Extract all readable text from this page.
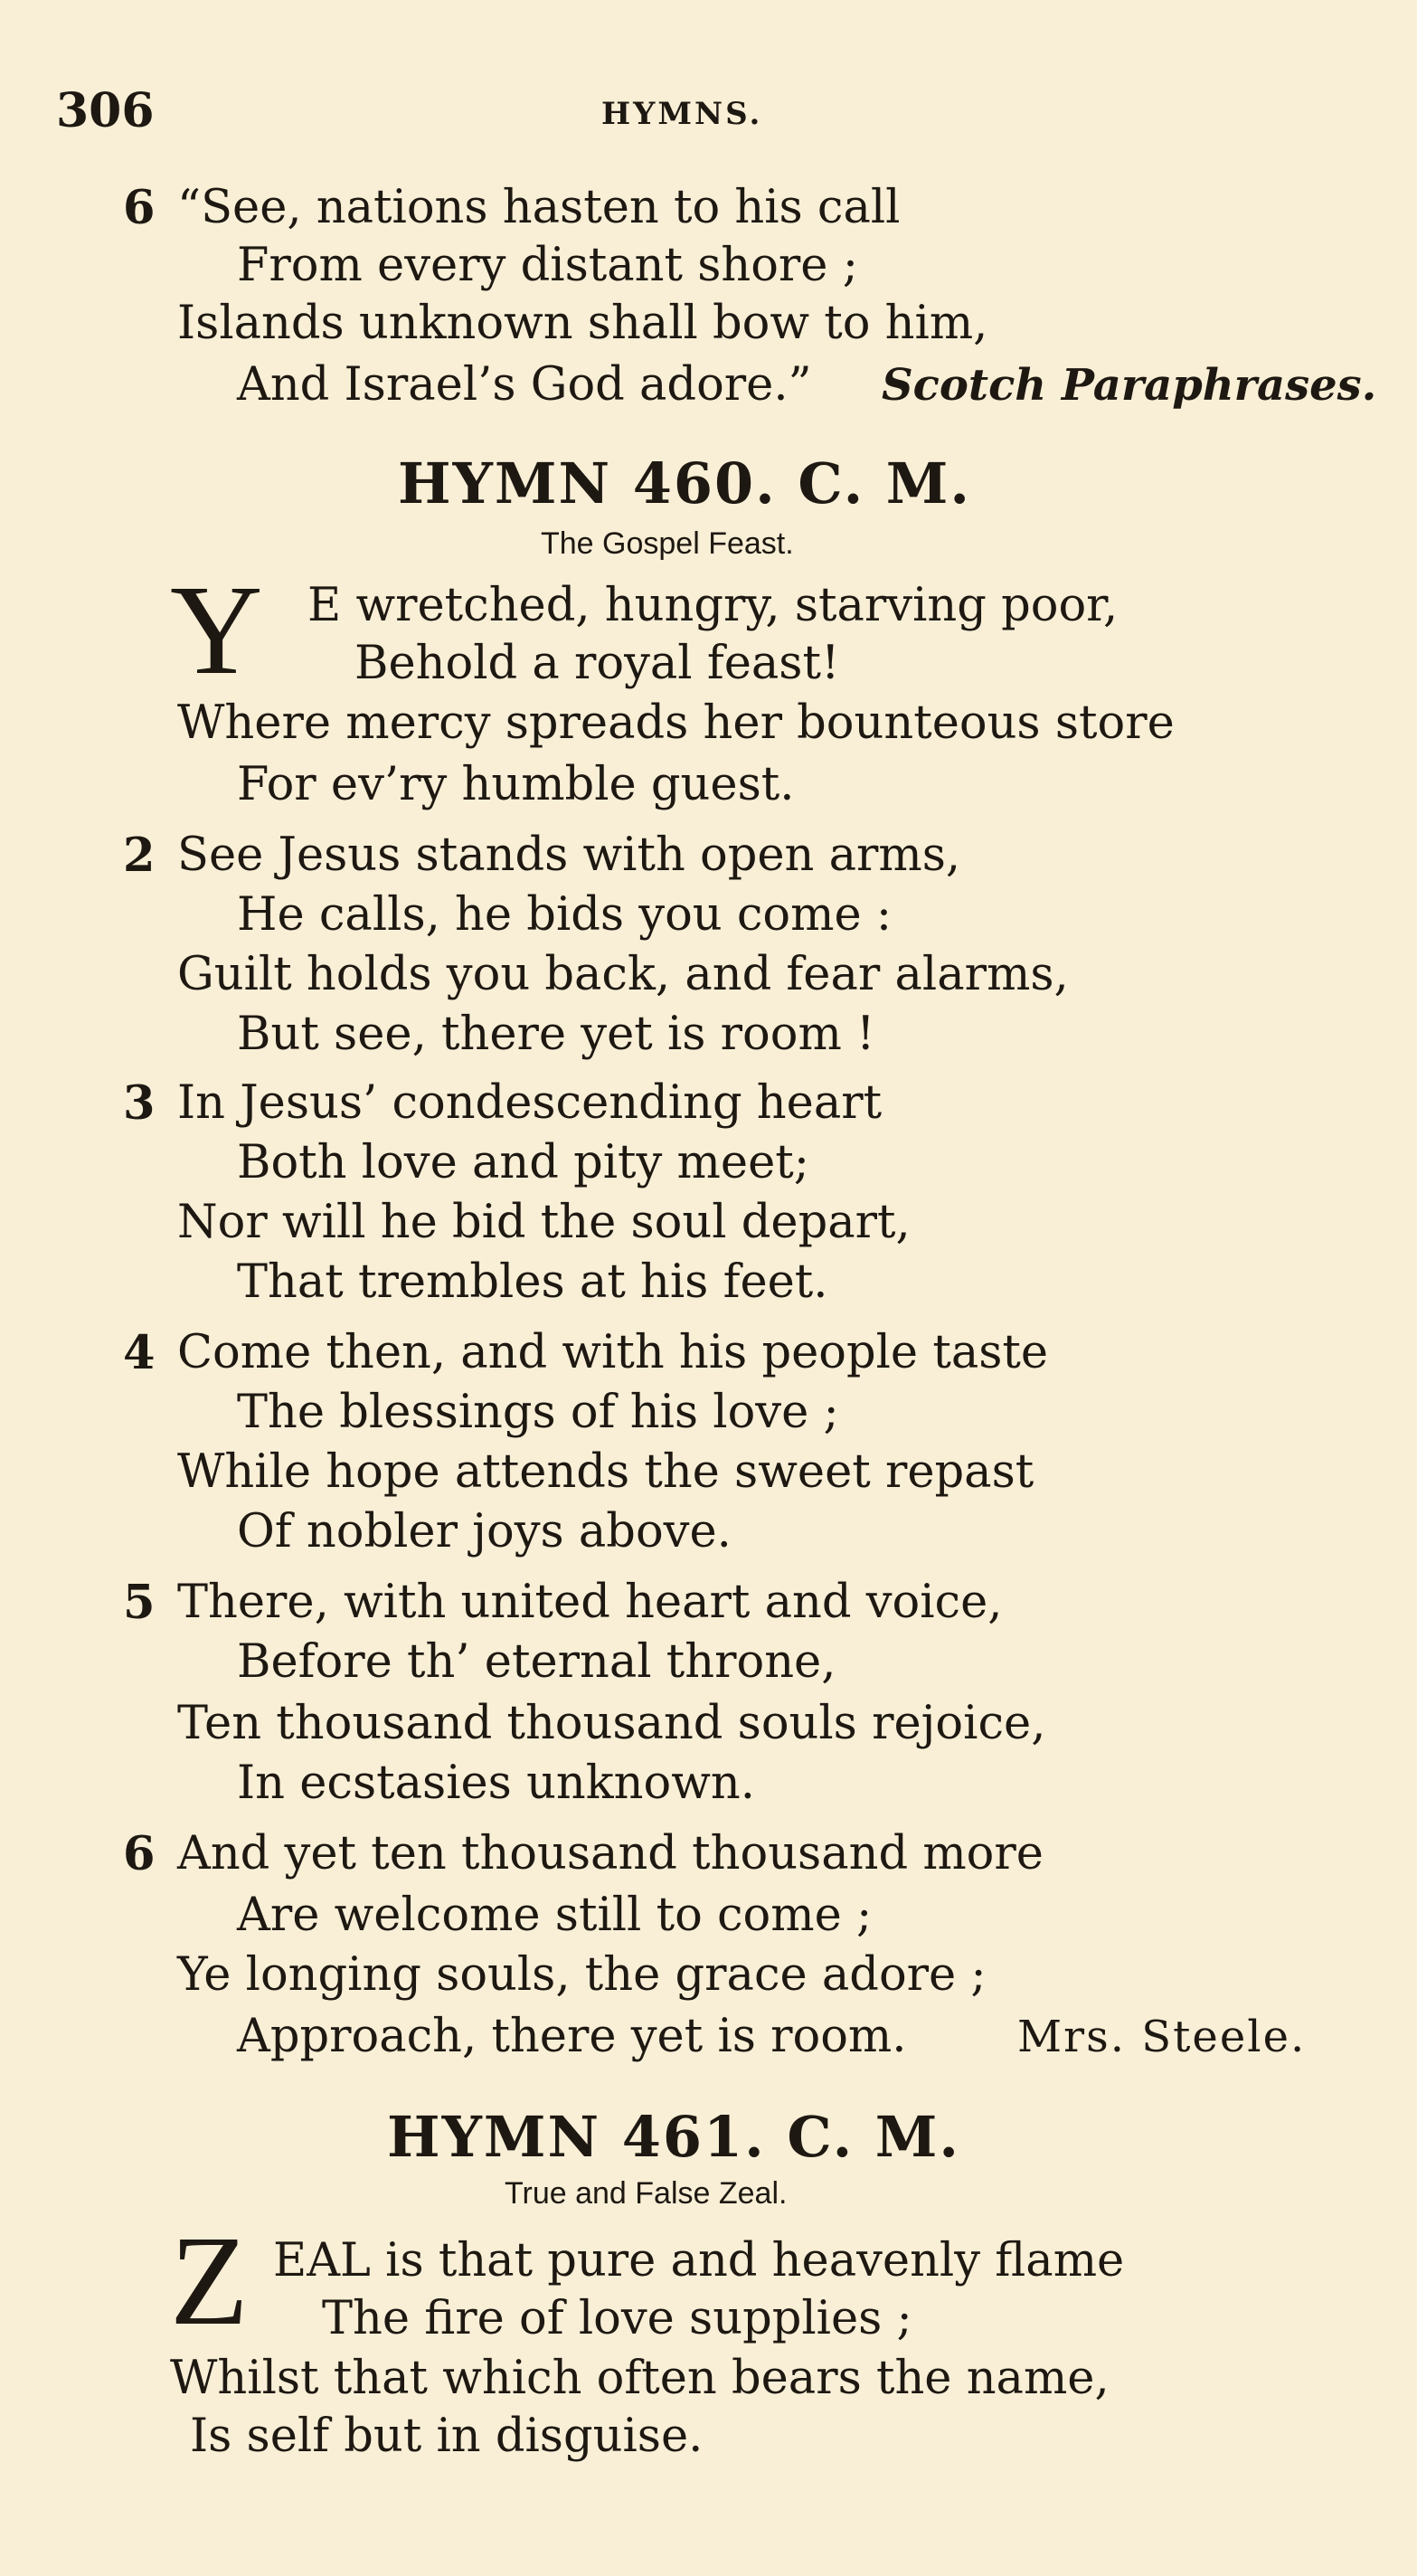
306	HYMNS.
6 “See, nations hasten to his call
From every distant shore ;
Islands unknown shall bow to him,
And Israel’s God adore.” Scotch Paraphrases.
HYMN 460. C. M.
The Gospel Feast.
Y E wretched, hungry, starving poor,
Behold a royal feast!
Where mercy spreads her bounteous store
For ev’ry humble guest.
2 See Jesus stands with open arms,
He calls, he bids you come :
Guilt holds you back, and fear alarms,
But see, there yet is room !
3 In Jesus’ condescending heart
Both love and pity meet;
Nor will he bid the soul depart,
That trembles at his feet.
4 Come then, and with his people taste
The blessings of his love ;
While hope attends the sweet repast
Of nobler joys above.
5 There, with united heart and voice,
Before th’ eternal throne,
Ten thousand thousand souls rejoice,
In ecstasies unknown.
6 And yet ten thousand thousand more
Are welcome still to come ;
Ye longing souls, the grace adore ;
Approach, there yet is room.	Mrs. Steele.
HYMN 461. C. M.
True and False Zeal.
Z EAL is that pure and heavenly flame
The fire of love supplies ;
Whilst that which often bears the name,
Is self but in disguise.
